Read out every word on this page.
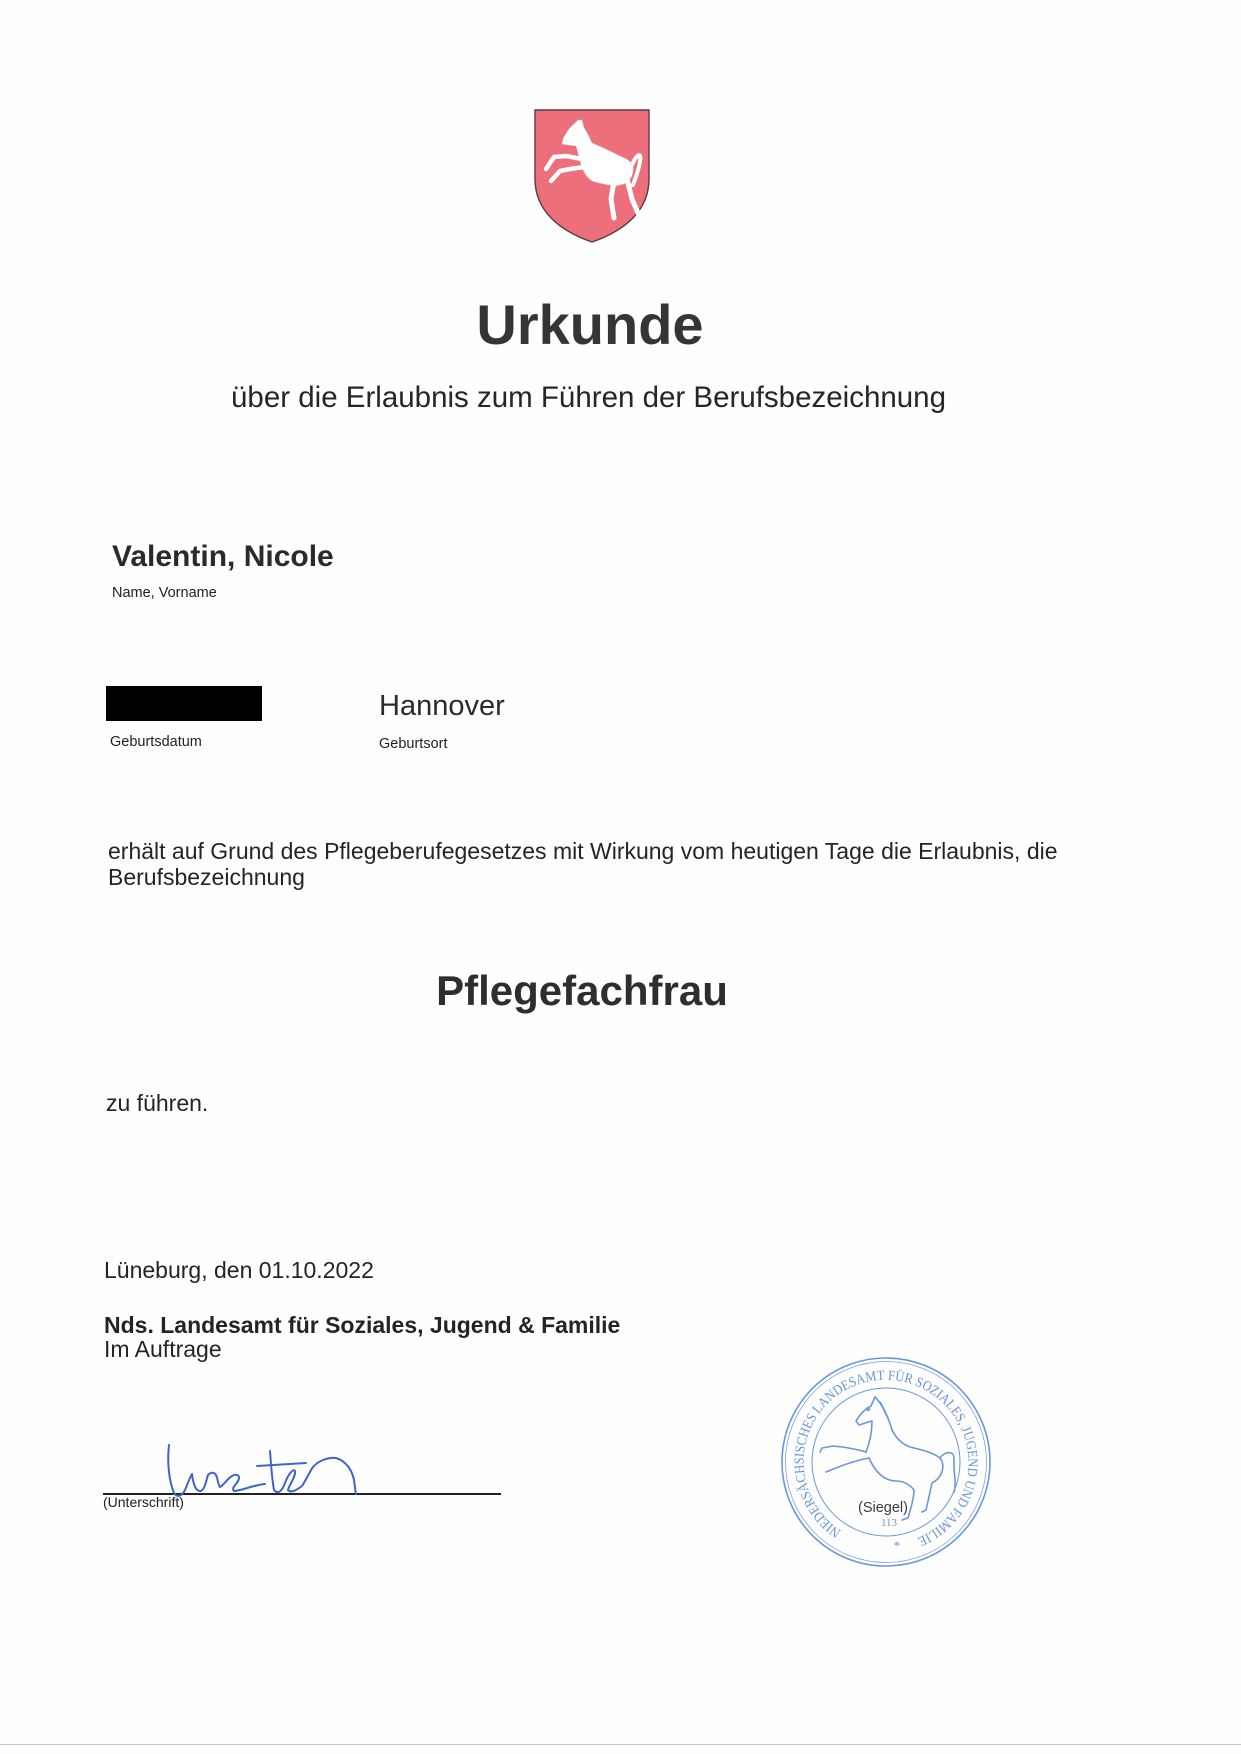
Urkunde
über die Erlaubnis zum Führen der Berufsbezeichnung
Valentin, Nicole
Name, Vorname
Hannover
Geburtsdatum	Geburtsort
erhält auf Grund des Pflegeberufegesetzes mit Wirkung vom heutigen Tage die Erlaubnis, die Berufsbezeichnung
Pflegefachfrau
zu führen.
Lüneburg, den 01.10.2022
Nds. Landesamt für Soziales, Jugend & Familie
Im Auftrage
(Unterschrift)
NIEDERSÄCHSISCHES LANDESAMT FÜR SOZIALES, JUGEND UND FAMILIE
113
*
(Siegel)
